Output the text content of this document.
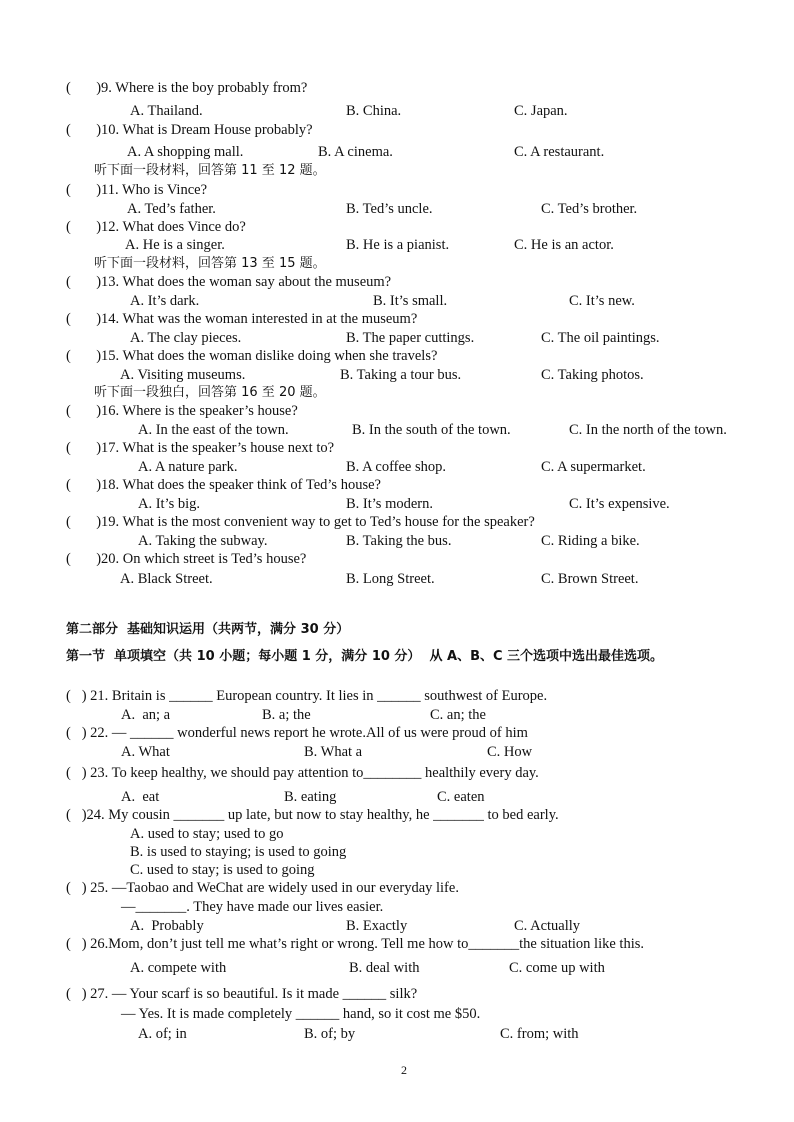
(       )9. Where is the boy probably from?
A. Thailand.	B. China.	C. Japan.
(       )10. What is Dream House probably?
A. A shopping mall.	B. A cinema.	C. A restaurant.
听下面一段材料，回答第 11 至 12 题。
(       )11. Who is Vince?
A. Ted’s father.	B. Ted’s uncle.	C. Ted’s brother.
(       )12. What does Vince do?
A. He is a singer.	B. He is a pianist.	C. He is an actor.
听下面一段材料，回答第 13 至 15 题。
(       )13. What does the woman say about the museum?
A. It’s dark.	B. It’s small.	C. It’s new.
(       )14. What was the woman interested in at the museum?
A. The clay pieces.	B. The paper cuttings.	C. The oil paintings.
(       )15. What does the woman dislike doing when she travels?
A. Visiting museums.	B. Taking a tour bus.	C. Taking photos.
听下面一段独白，回答第 16 至 20 题。
(       )16. Where is the speaker’s house?
A. In the east of the town.	B. In the south of the town.	C. In the north of the town.
(       )17. What is the speaker’s house next to?
A. A nature park.	B. A coffee shop.	C. A supermarket.
(       )18. What does the speaker think of Ted’s house?
A. It’s big.	B. It’s modern.	C. It’s expensive.
(       )19. What is the most convenient way to get to Ted’s house for the speaker?
A. Taking the subway.	B. Taking the bus.	C. Riding a bike.
(       )20. On which street is Ted’s house?
A. Black Street.	B. Long Street.	C. Brown Street.
第二部分  基础知识运用（共两节，满分 30 分）
第一节  单项填空（共 10 小题；每小题 1 分，满分 10 分）  从 A、B、C 三个选项中选出最佳选项。
(   ) 21. Britain is ______ European country. It lies in ______ southwest of Europe.
A.  an; a	B. a; the	C. an; the
(   ) 22. — ______ wonderful news report he wrote.All of us were proud of him
A. What	B. What a	C. How
(   ) 23. To keep healthy, we should pay attention to________ healthily every day.
A.  eat	B. eating	C. eaten
(   )24. My cousin _______ up late, but now to stay healthy, he _______ to bed early.
A. used to stay; used to go
B. is used to staying; is used to going
C. used to stay; is used to going
(   ) 25. —Taobao and WeChat are widely used in our everyday life.
—_______. They have made our lives easier.
A.  Probably	B. Exactly	C. Actually
(   ) 26.Mom, don’t just tell me what’s right or wrong. Tell me how to_______the situation like this.
A. compete with	B. deal with	C. come up with
(   ) 27. — Your scarf is so beautiful. Is it made ______ silk?
— Yes. It is made completely ______ hand, so it cost me $50.
A. of; in	B. of; by	C. from; with
2
